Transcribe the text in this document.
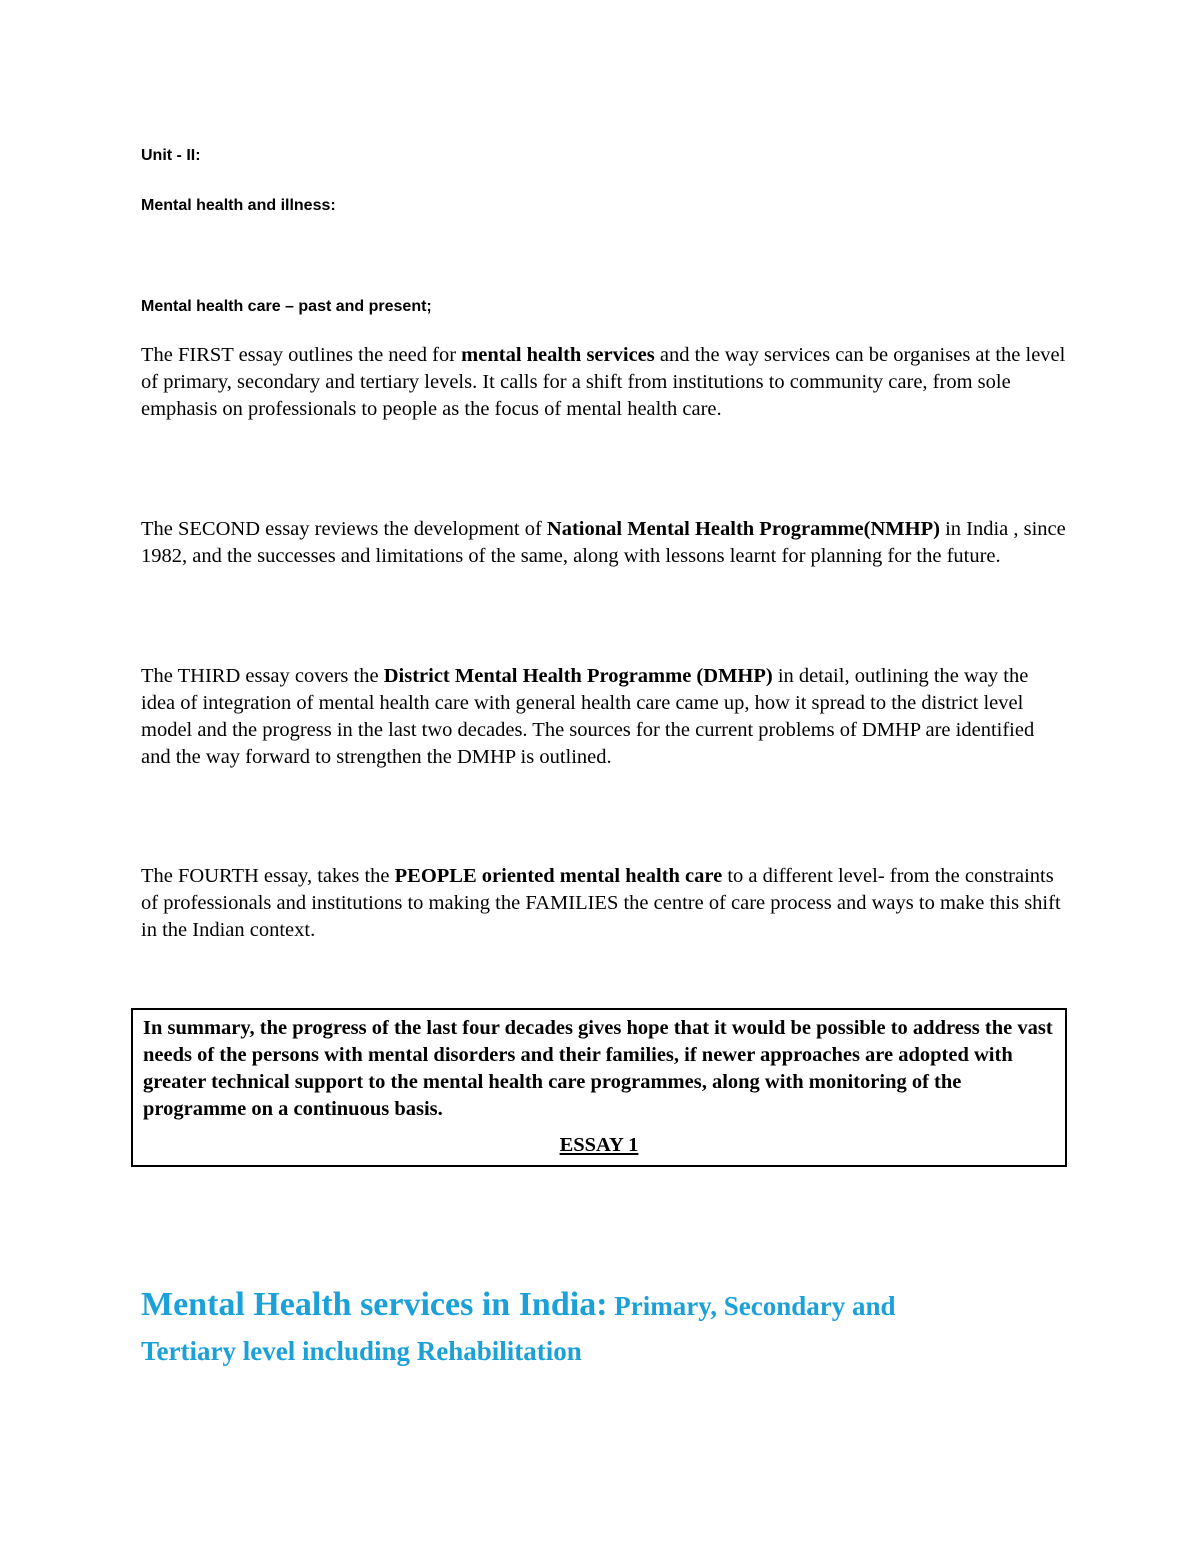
Unit - II:
Mental health and illness:
Mental health care – past and present;
The FIRST essay outlines the need for mental health services and the way services can be organises at the level of primary, secondary and tertiary levels. It calls for a shift from institutions to community care, from sole emphasis on professionals to people as the focus of mental health care.
The SECOND essay reviews the development of National Mental Health Programme(NMHP) in India , since 1982, and the successes and limitations of the same, along with lessons learnt for planning for the future.
The THIRD essay covers the District Mental Health Programme (DMHP) in detail, outlining the way the idea of integration of mental health care with general health care came up, how it spread to the district level model and the progress in the last two decades. The sources for the current problems of DMHP are identified and the way forward to strengthen the DMHP is outlined.
The FOURTH essay, takes the PEOPLE oriented mental health care to a different level- from the constraints of professionals and institutions to making the FAMILIES the centre of care process and ways to make this shift in the Indian context.
In summary, the progress of the last four decades gives hope that it would be possible to address the vast needs of the persons with mental disorders and their families, if newer approaches are adopted with greater technical support to the mental health care programmes, along with monitoring of the programme on a continuous basis.
ESSAY 1
Mental Health services in India: Primary, Secondary and
Tertiary level including Rehabilitation
